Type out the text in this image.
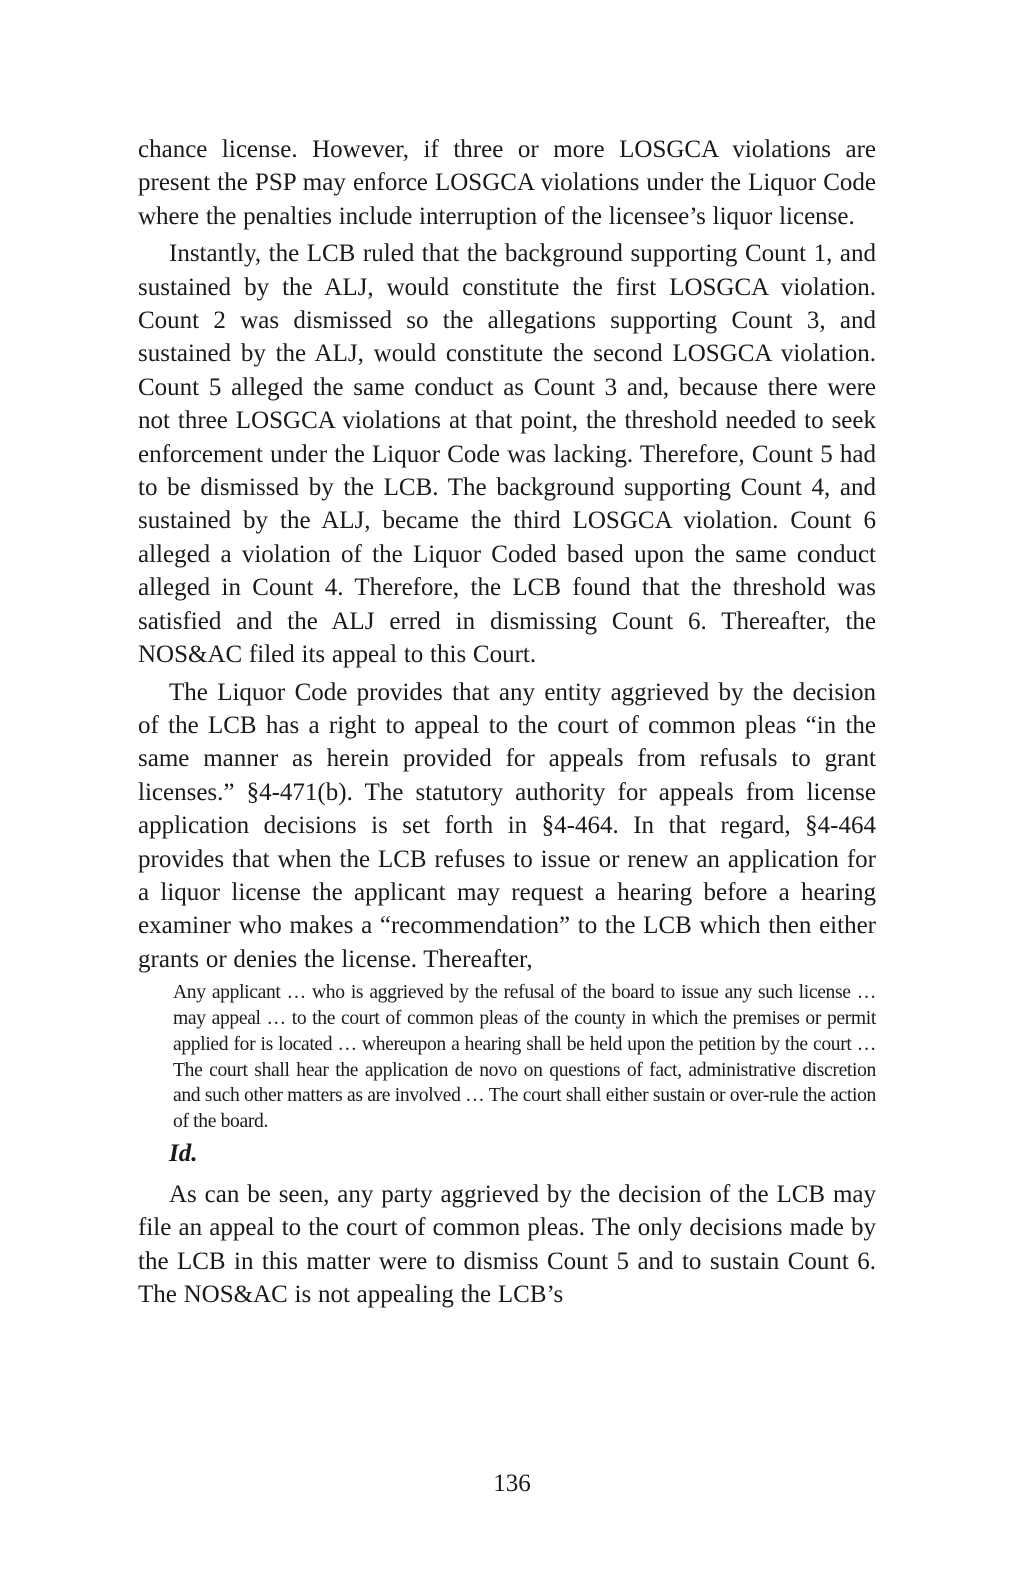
chance license. However, if three or more LOSGCA violations are present the PSP may enforce LOSGCA violations under the Liquor Code where the penalties include interruption of the licensee’s liquor license.

Instantly, the LCB ruled that the background supporting Count 1, and sustained by the ALJ, would constitute the first LOSGCA violation. Count 2 was dismissed so the allegations supporting Count 3, and sustained by the ALJ, would constitute the second LOSGCA violation. Count 5 alleged the same conduct as Count 3 and, because there were not three LOSGCA violations at that point, the threshold needed to seek enforcement under the Liquor Code was lacking. Therefore, Count 5 had to be dismissed by the LCB. The background supporting Count 4, and sustained by the ALJ, became the third LOSGCA violation. Count 6 alleged a violation of the Liquor Coded based upon the same conduct alleged in Count 4. Therefore, the LCB found that the threshold was satisfied and the ALJ erred in dismissing Count 6. Thereafter, the NOS&AC filed its appeal to this Court.

The Liquor Code provides that any entity aggrieved by the decision of the LCB has a right to appeal to the court of common pleas “in the same manner as herein provided for appeals from refusals to grant licenses.” §4-471(b). The statutory authority for appeals from license application decisions is set forth in §4-464. In that regard, §4-464 provides that when the LCB refuses to issue or renew an application for a liquor license the applicant may request a hearing before a hearing examiner who makes a “recommendation” to the LCB which then either grants or denies the license. Thereafter,

Any applicant … who is aggrieved by the refusal of the board to issue any such license … may appeal … to the court of common pleas of the county in which the premises or permit applied for is located … whereupon a hearing shall be held upon the petition by the court … The court shall hear the application de novo on questions of fact, administrative discretion and such other matters as are involved … The court shall either sustain or over-rule the action of the board.

Id.

As can be seen, any party aggrieved by the decision of the LCB may file an appeal to the court of common pleas. The only decisions made by the LCB in this matter were to dismiss Count 5 and to sustain Count 6. The NOS&AC is not appealing the LCB’s

136
